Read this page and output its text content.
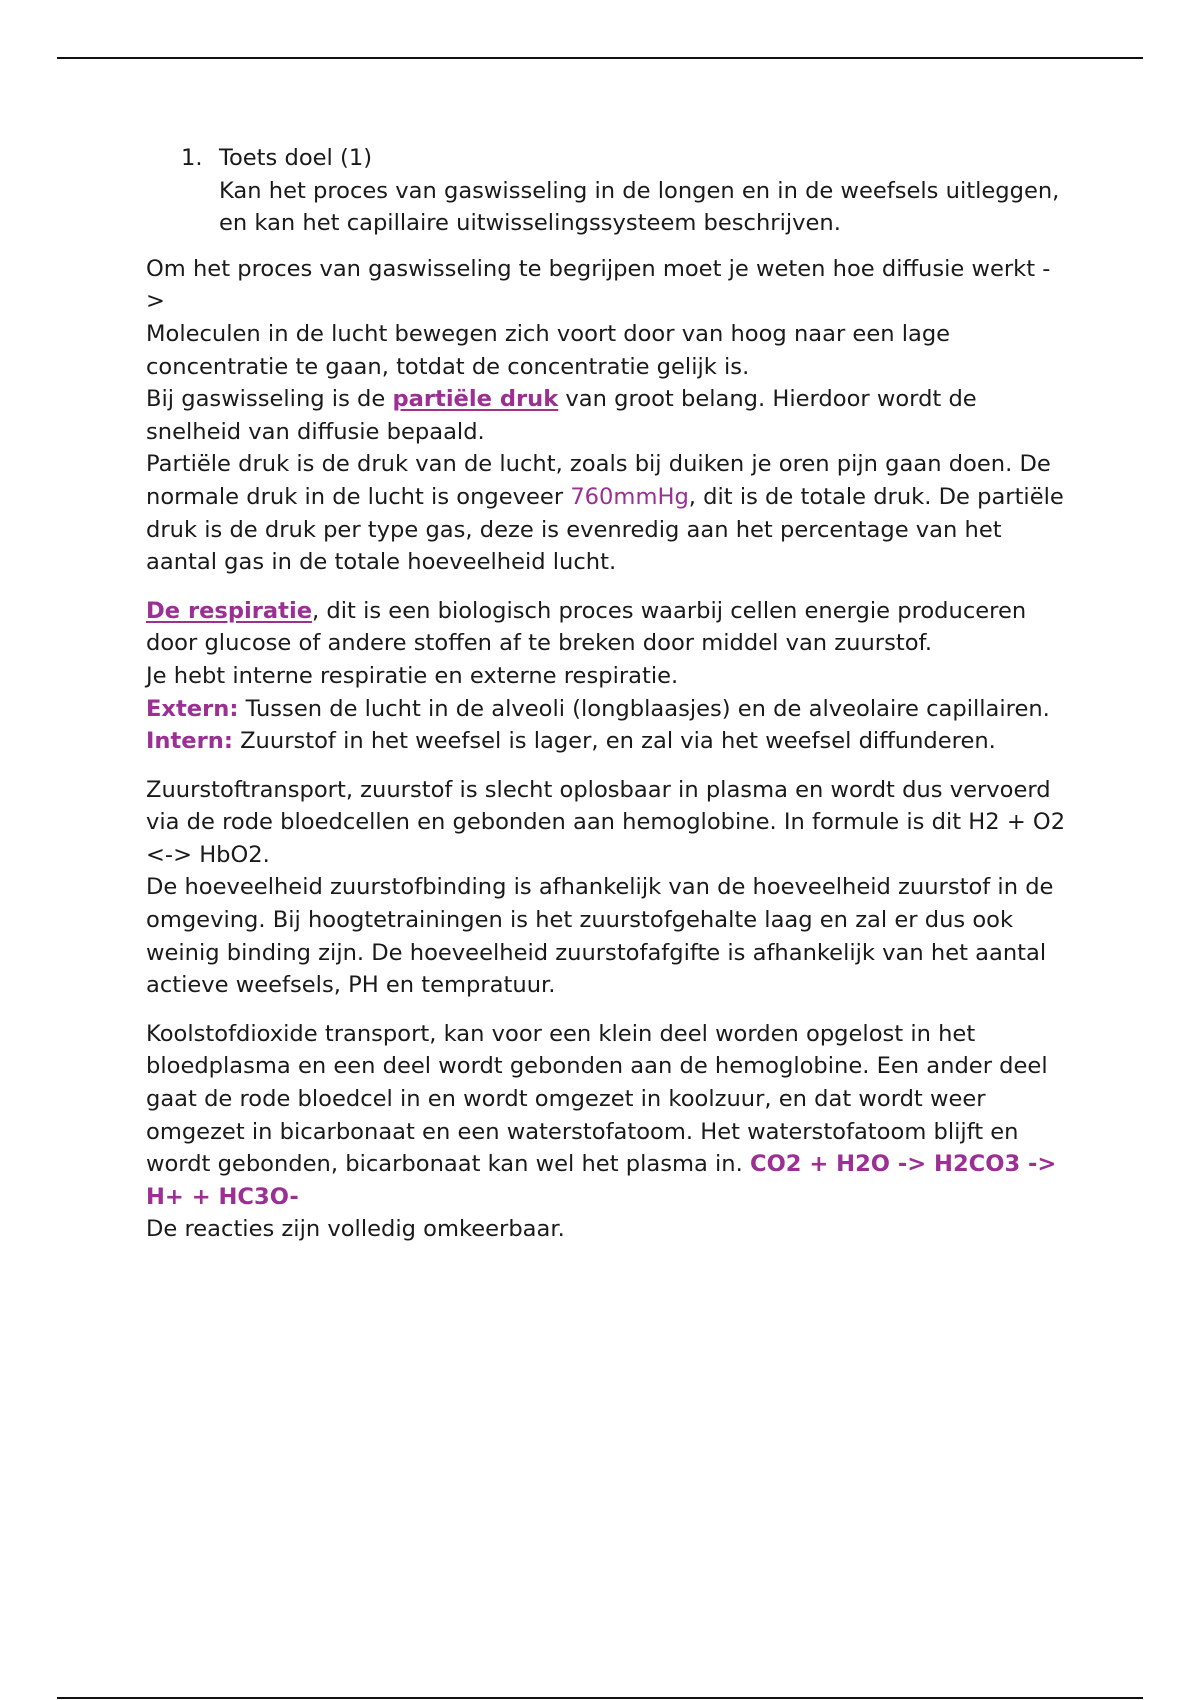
1. Toets doel (1)
Kan het proces van gaswisseling in de longen en in de weefsels uitleggen, en kan het capillaire uitwisselingssysteem beschrijven.

Om het proces van gaswisseling te begrijpen moet je weten hoe diffusie werkt ->
Moleculen in de lucht bewegen zich voort door van hoog naar een lage concentratie te gaan, totdat de concentratie gelijk is.
Bij gaswisseling is de partiële druk van groot belang. Hierdoor wordt de snelheid van diffusie bepaald.
Partiële druk is de druk van de lucht, zoals bij duiken je oren pijn gaan doen. De normale druk in de lucht is ongeveer 760mmHg, dit is de totale druk. De partiële druk is de druk per type gas, deze is evenredig aan het percentage van het aantal gas in de totale hoeveelheid lucht.

De respiratie, dit is een biologisch proces waarbij cellen energie produceren door glucose of andere stoffen af te breken door middel van zuurstof.
Je hebt interne respiratie en externe respiratie.
Extern: Tussen de lucht in de alveoli (longblaasjes) en de alveolaire capillairen.
Intern: Zuurstof in het weefsel is lager, en zal via het weefsel diffunderen.

Zuurstoftransport, zuurstof is slecht oplosbaar in plasma en wordt dus vervoerd via de rode bloedcellen en gebonden aan hemoglobine. In formule is dit H2 + O2 <-> HbO2.
De hoeveelheid zuurstofbinding is afhankelijk van de hoeveelheid zuurstof in de omgeving. Bij hoogtetrainingen is het zuurstofgehalte laag en zal er dus ook weinig binding zijn. De hoeveelheid zuurstofafgifte is afhankelijk van het aantal actieve weefsels, PH en tempratuur.

Koolstofdioxide transport, kan voor een klein deel worden opgelost in het bloedplasma en een deel wordt gebonden aan de hemoglobine. Een ander deel gaat de rode bloedcel in en wordt omgezet in koolzuur, en dat wordt weer omgezet in bicarbonaat en een waterstofatoom. Het waterstofatoom blijft en wordt gebonden, bicarbonaat kan wel het plasma in. CO2 + H2O -> H2CO3 -> H+ + HC3O-
De reacties zijn volledig omkeerbaar.
